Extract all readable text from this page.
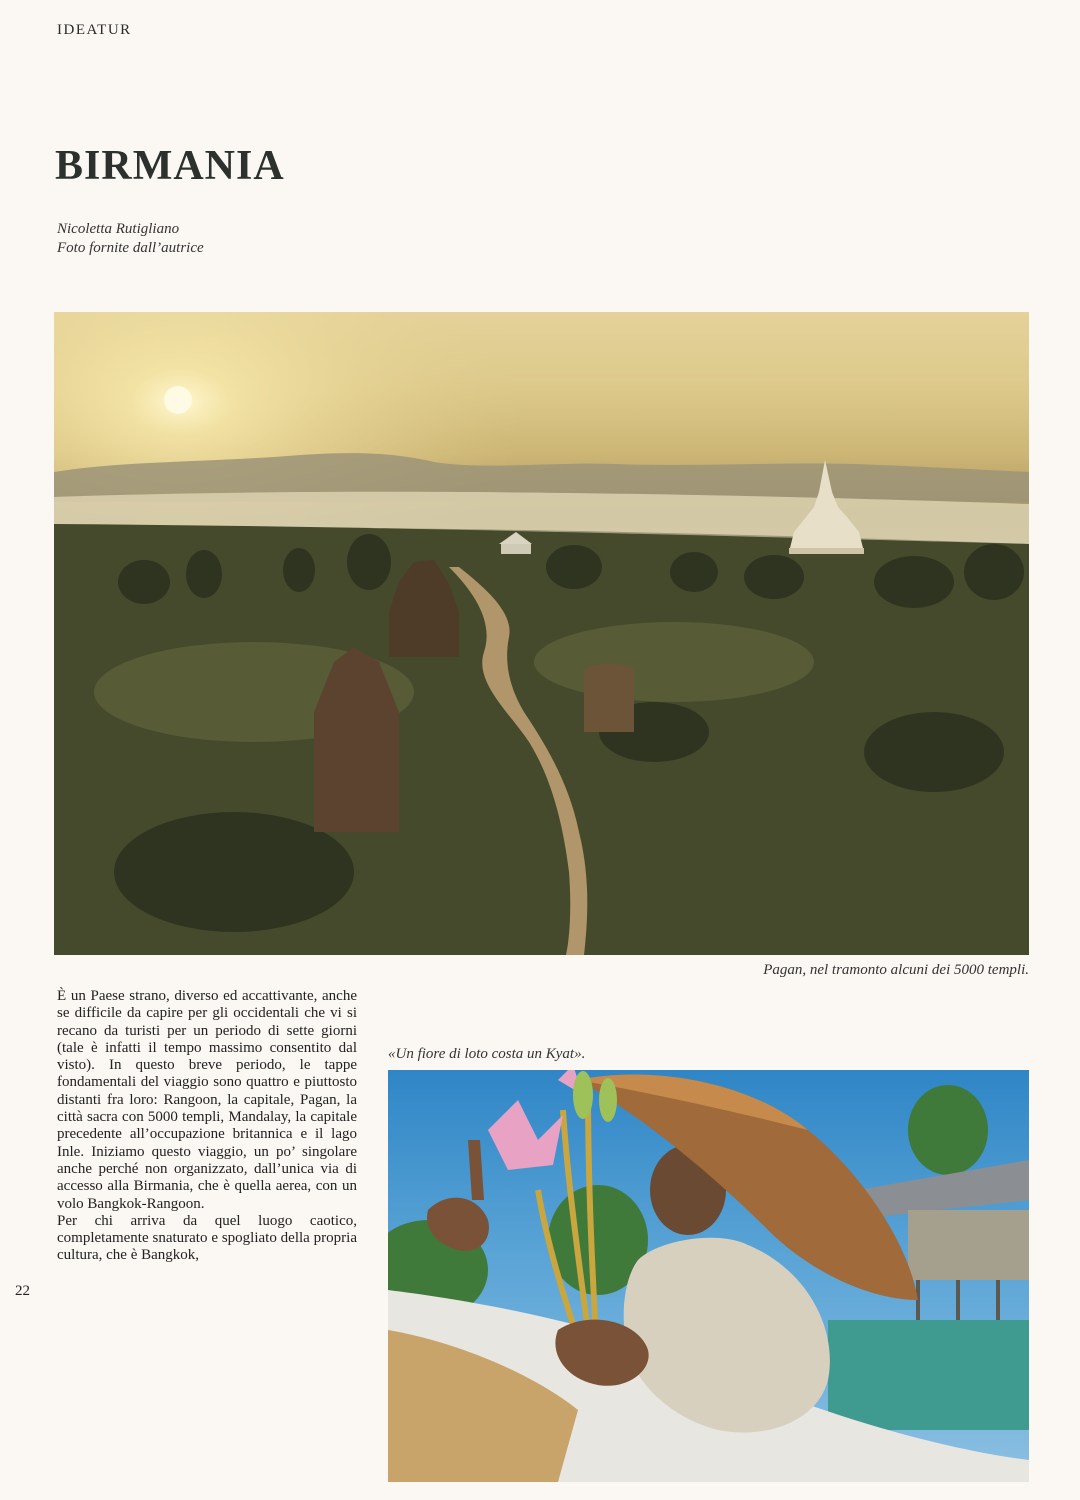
IDEATUR
BIRMANIA
Nicoletta Rutigliano
Foto fornite dall’autrice
Pagan, nel tramonto alcuni dei 5000 templi.

È un Paese strano, diverso ed accattivante, anche se difficile da capire per gli occidentali che vi si recano da turisti per un periodo di sette giorni (tale è infatti il tempo massimo consentito dal visto). In questo breve periodo, le tappe fondamentali del viaggio sono quattro e piuttosto distanti fra loro: Rangoon, la capitale, Pagan, la città sacra con 5000 templi, Mandalay, la capitale precedente all’occupazione britannica e il lago Inle. Iniziamo questo viaggio, un po’ singolare anche perché non organizzato, dall’unica via di accesso alla Birmania, che è quella aerea, con un volo Bangkok-Rangoon.

Per chi arriva da quel luogo caotico, completamente snaturato e spogliato della propria cultura, che è Bangkok,

22
«Un fiore di loto costa un Kyat».
